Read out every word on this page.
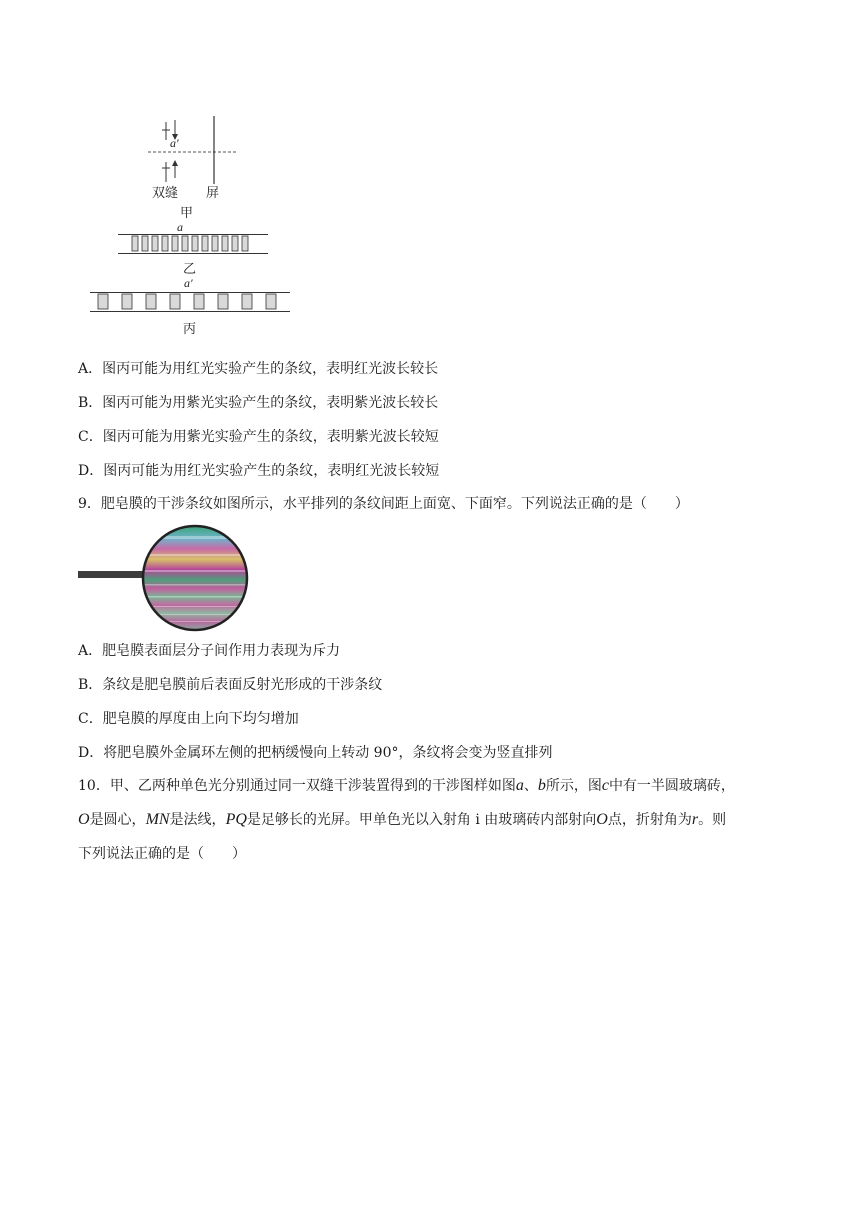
a′
双缝 屏
甲
a
乙
a′
丙
A．图丙可能为用红光实验产生的条纹，表明红光波长较长
B．图丙可能为用紫光实验产生的条纹，表明紫光波长较长
C．图丙可能为用紫光实验产生的条纹，表明紫光波长较短
D．图丙可能为用红光实验产生的条纹，表明红光波长较短
9．肥皂膜的干涉条纹如图所示，水平排列的条纹间距上面宽、下面窄。下列说法正确的是（　　）
A．肥皂膜表面层分子间作用力表现为斥力
B．条纹是肥皂膜前后表面反射光形成的干涉条纹
C．肥皂膜的厚度由上向下均匀增加
D．将肥皂膜外金属环左侧的把柄缓慢向上转动 90°，条纹将会变为竖直排列
10．甲、乙两种单色光分别通过同一双缝干涉装置得到的干涉图样如图a、b所示，图c中有一半圆玻璃砖，
O是圆心，MN是法线，PQ是足够长的光屏。甲单色光以入射角 i 由玻璃砖内部射向O点，折射角为r。则
下列说法正确的是（　　）
